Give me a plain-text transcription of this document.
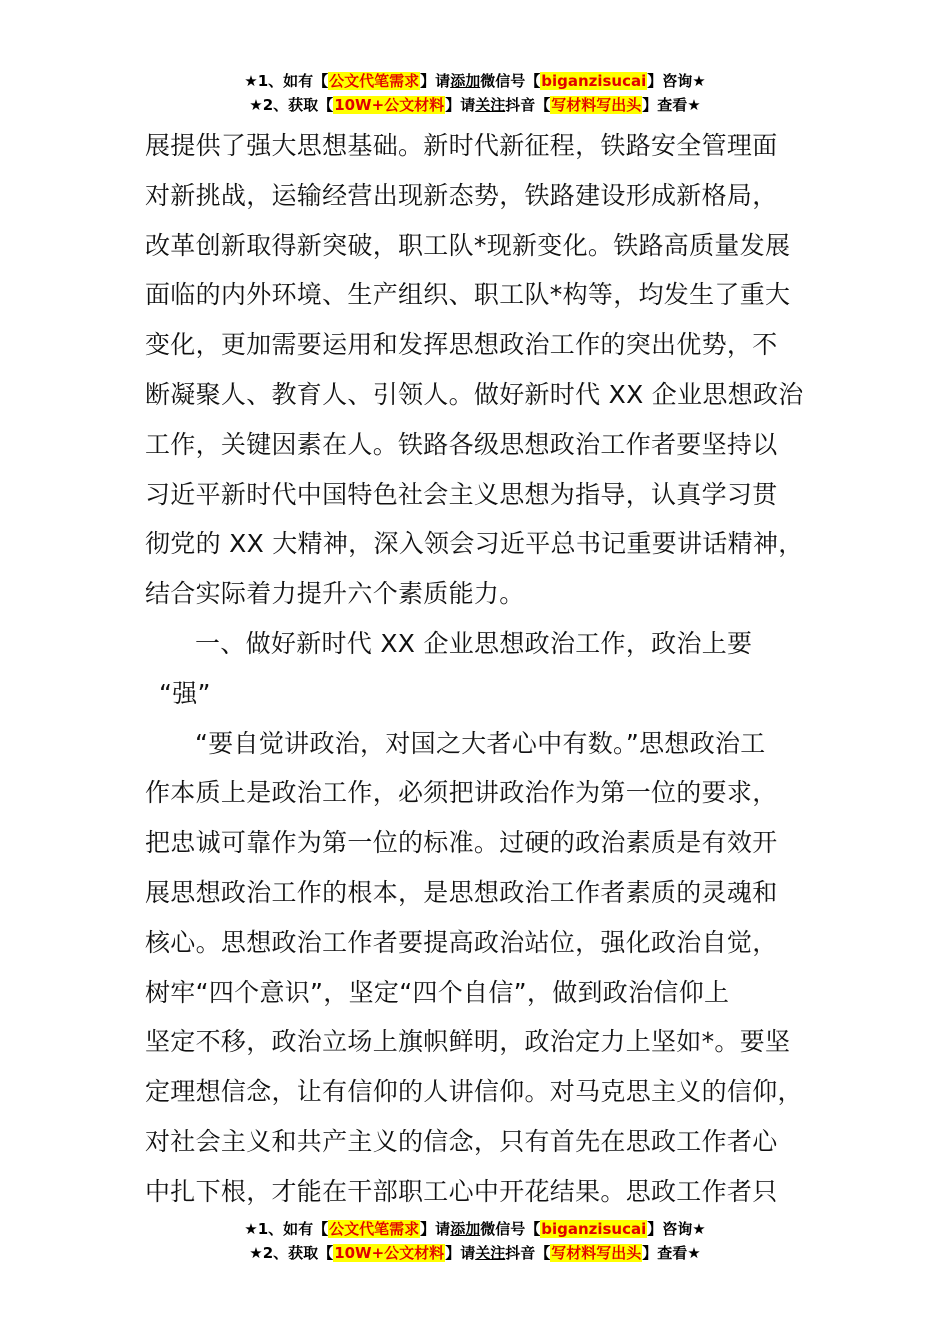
★1、如有【公文代笔需求】请添加微信号【biganzisucai】咨询★
★2、获取【10W+公文材料】请关注抖音【写材料写出头】查看★
展提供了强大思想基础。新时代新征程，铁路安全管理面
对新挑战，运输经营出现新态势，铁路建设形成新格局，
改革创新取得新突破，职工队*现新变化。铁路高质量发展
面临的内外环境、生产组织、职工队*构等，均发生了重大
变化，更加需要运用和发挥思想政治工作的突出优势，不
断凝聚人、教育人、引领人。做好新时代 XX 企业思想政治
工作，关键因素在人。铁路各级思想政治工作者要坚持以
习近平新时代中国特色社会主义思想为指导，认真学习贯
彻党的 XX 大精神，深入领会习近平总书记重要讲话精神，
结合实际着力提升六个素质能力。
一、做好新时代 XX 企业思想政治工作，政治上要
“强”
“要自觉讲政治，对国之大者心中有数。”思想政治工
作本质上是政治工作，必须把讲政治作为第一位的要求，
把忠诚可靠作为第一位的标准。过硬的政治素质是有效开
展思想政治工作的根本，是思想政治工作者素质的灵魂和
核心。思想政治工作者要提高政治站位，强化政治自觉，
树牢“四个意识”，坚定“四个自信”，做到政治信仰上
坚定不移，政治立场上旗帜鲜明，政治定力上坚如*。要坚
定理想信念，让有信仰的人讲信仰。对马克思主义的信仰，
对社会主义和共产主义的信念，只有首先在思政工作者心
中扎下根，才能在干部职工心中开花结果。思政工作者只
★1、如有【公文代笔需求】请添加微信号【biganzisucai】咨询★
★2、获取【10W+公文材料】请关注抖音【写材料写出头】查看★
